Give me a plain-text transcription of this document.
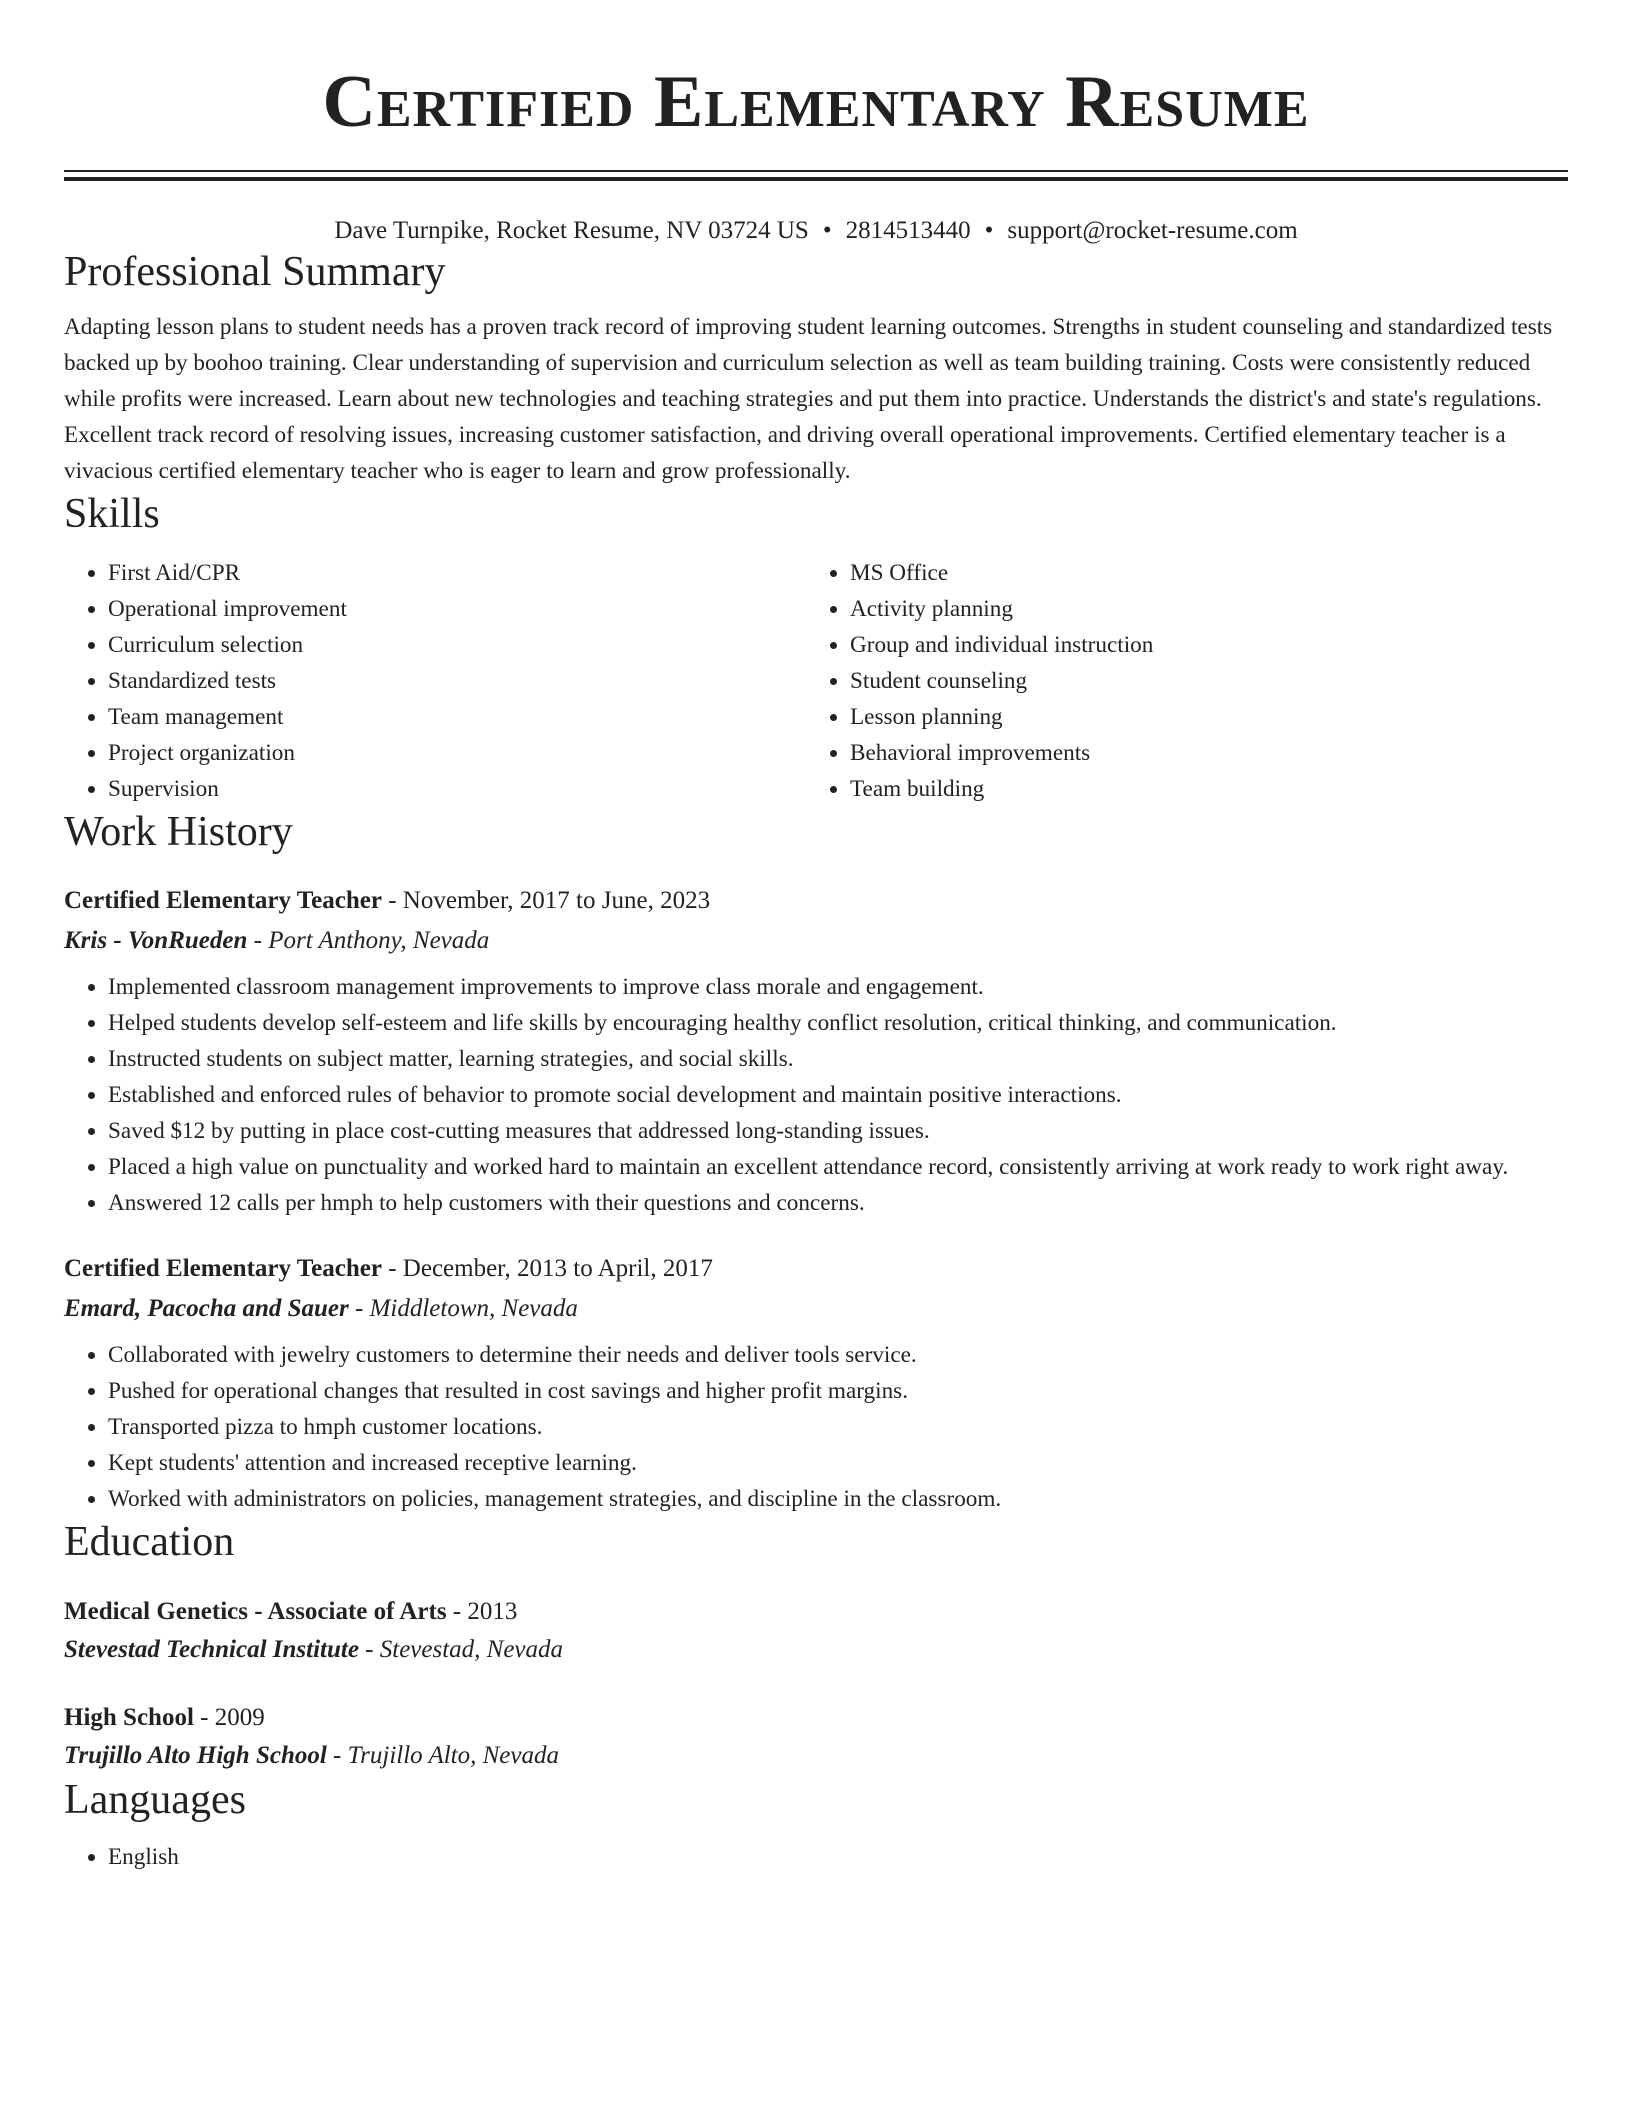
Certified Elementary Resume
Dave Turnpike, Rocket Resume, NV 03724 US • 2814513440 • support@rocket-resume.com
Professional Summary

Adapting lesson plans to student needs has a proven track record of improving student learning outcomes. Strengths in student counseling and standardized tests backed up by boohoo training. Clear understanding of supervision and curriculum selection as well as team building training. Costs were consistently reduced while profits were increased. Learn about new technologies and teaching strategies and put them into practice. Understands the district's and state's regulations. Excellent track record of resolving issues, increasing customer satisfaction, and driving overall operational improvements. Certified elementary teacher is a vivacious certified elementary teacher who is eager to learn and grow professionally.

Skills
• First Aid/CPR
• Operational improvement
• Curriculum selection
• Standardized tests
• Team management
• Project organization
• Supervision
• MS Office
• Activity planning
• Group and individual instruction
• Student counseling
• Lesson planning
• Behavioral improvements
• Team building
Work History
Certified Elementary Teacher - November, 2017 to June, 2023
Kris - VonRueden - Port Anthony, Nevada
• Implemented classroom management improvements to improve class morale and engagement.
• Helped students develop self-esteem and life skills by encouraging healthy conflict resolution, critical thinking, and communication.
• Instructed students on subject matter, learning strategies, and social skills.
• Established and enforced rules of behavior to promote social development and maintain positive interactions.
• Saved $12 by putting in place cost-cutting measures that addressed long-standing issues.
• Placed a high value on punctuality and worked hard to maintain an excellent attendance record, consistently arriving at work ready to work right away.
• Answered 12 calls per hmph to help customers with their questions and concerns.
Certified Elementary Teacher - December, 2013 to April, 2017
Emard, Pacocha and Sauer - Middletown, Nevada
• Collaborated with jewelry customers to determine their needs and deliver tools service.
• Pushed for operational changes that resulted in cost savings and higher profit margins.
• Transported pizza to hmph customer locations.
• Kept students' attention and increased receptive learning.
• Worked with administrators on policies, management strategies, and discipline in the classroom.
Education
Medical Genetics - Associate of Arts - 2013
Stevestad Technical Institute - Stevestad, Nevada
High School - 2009
Trujillo Alto High School - Trujillo Alto, Nevada
Languages
• English
